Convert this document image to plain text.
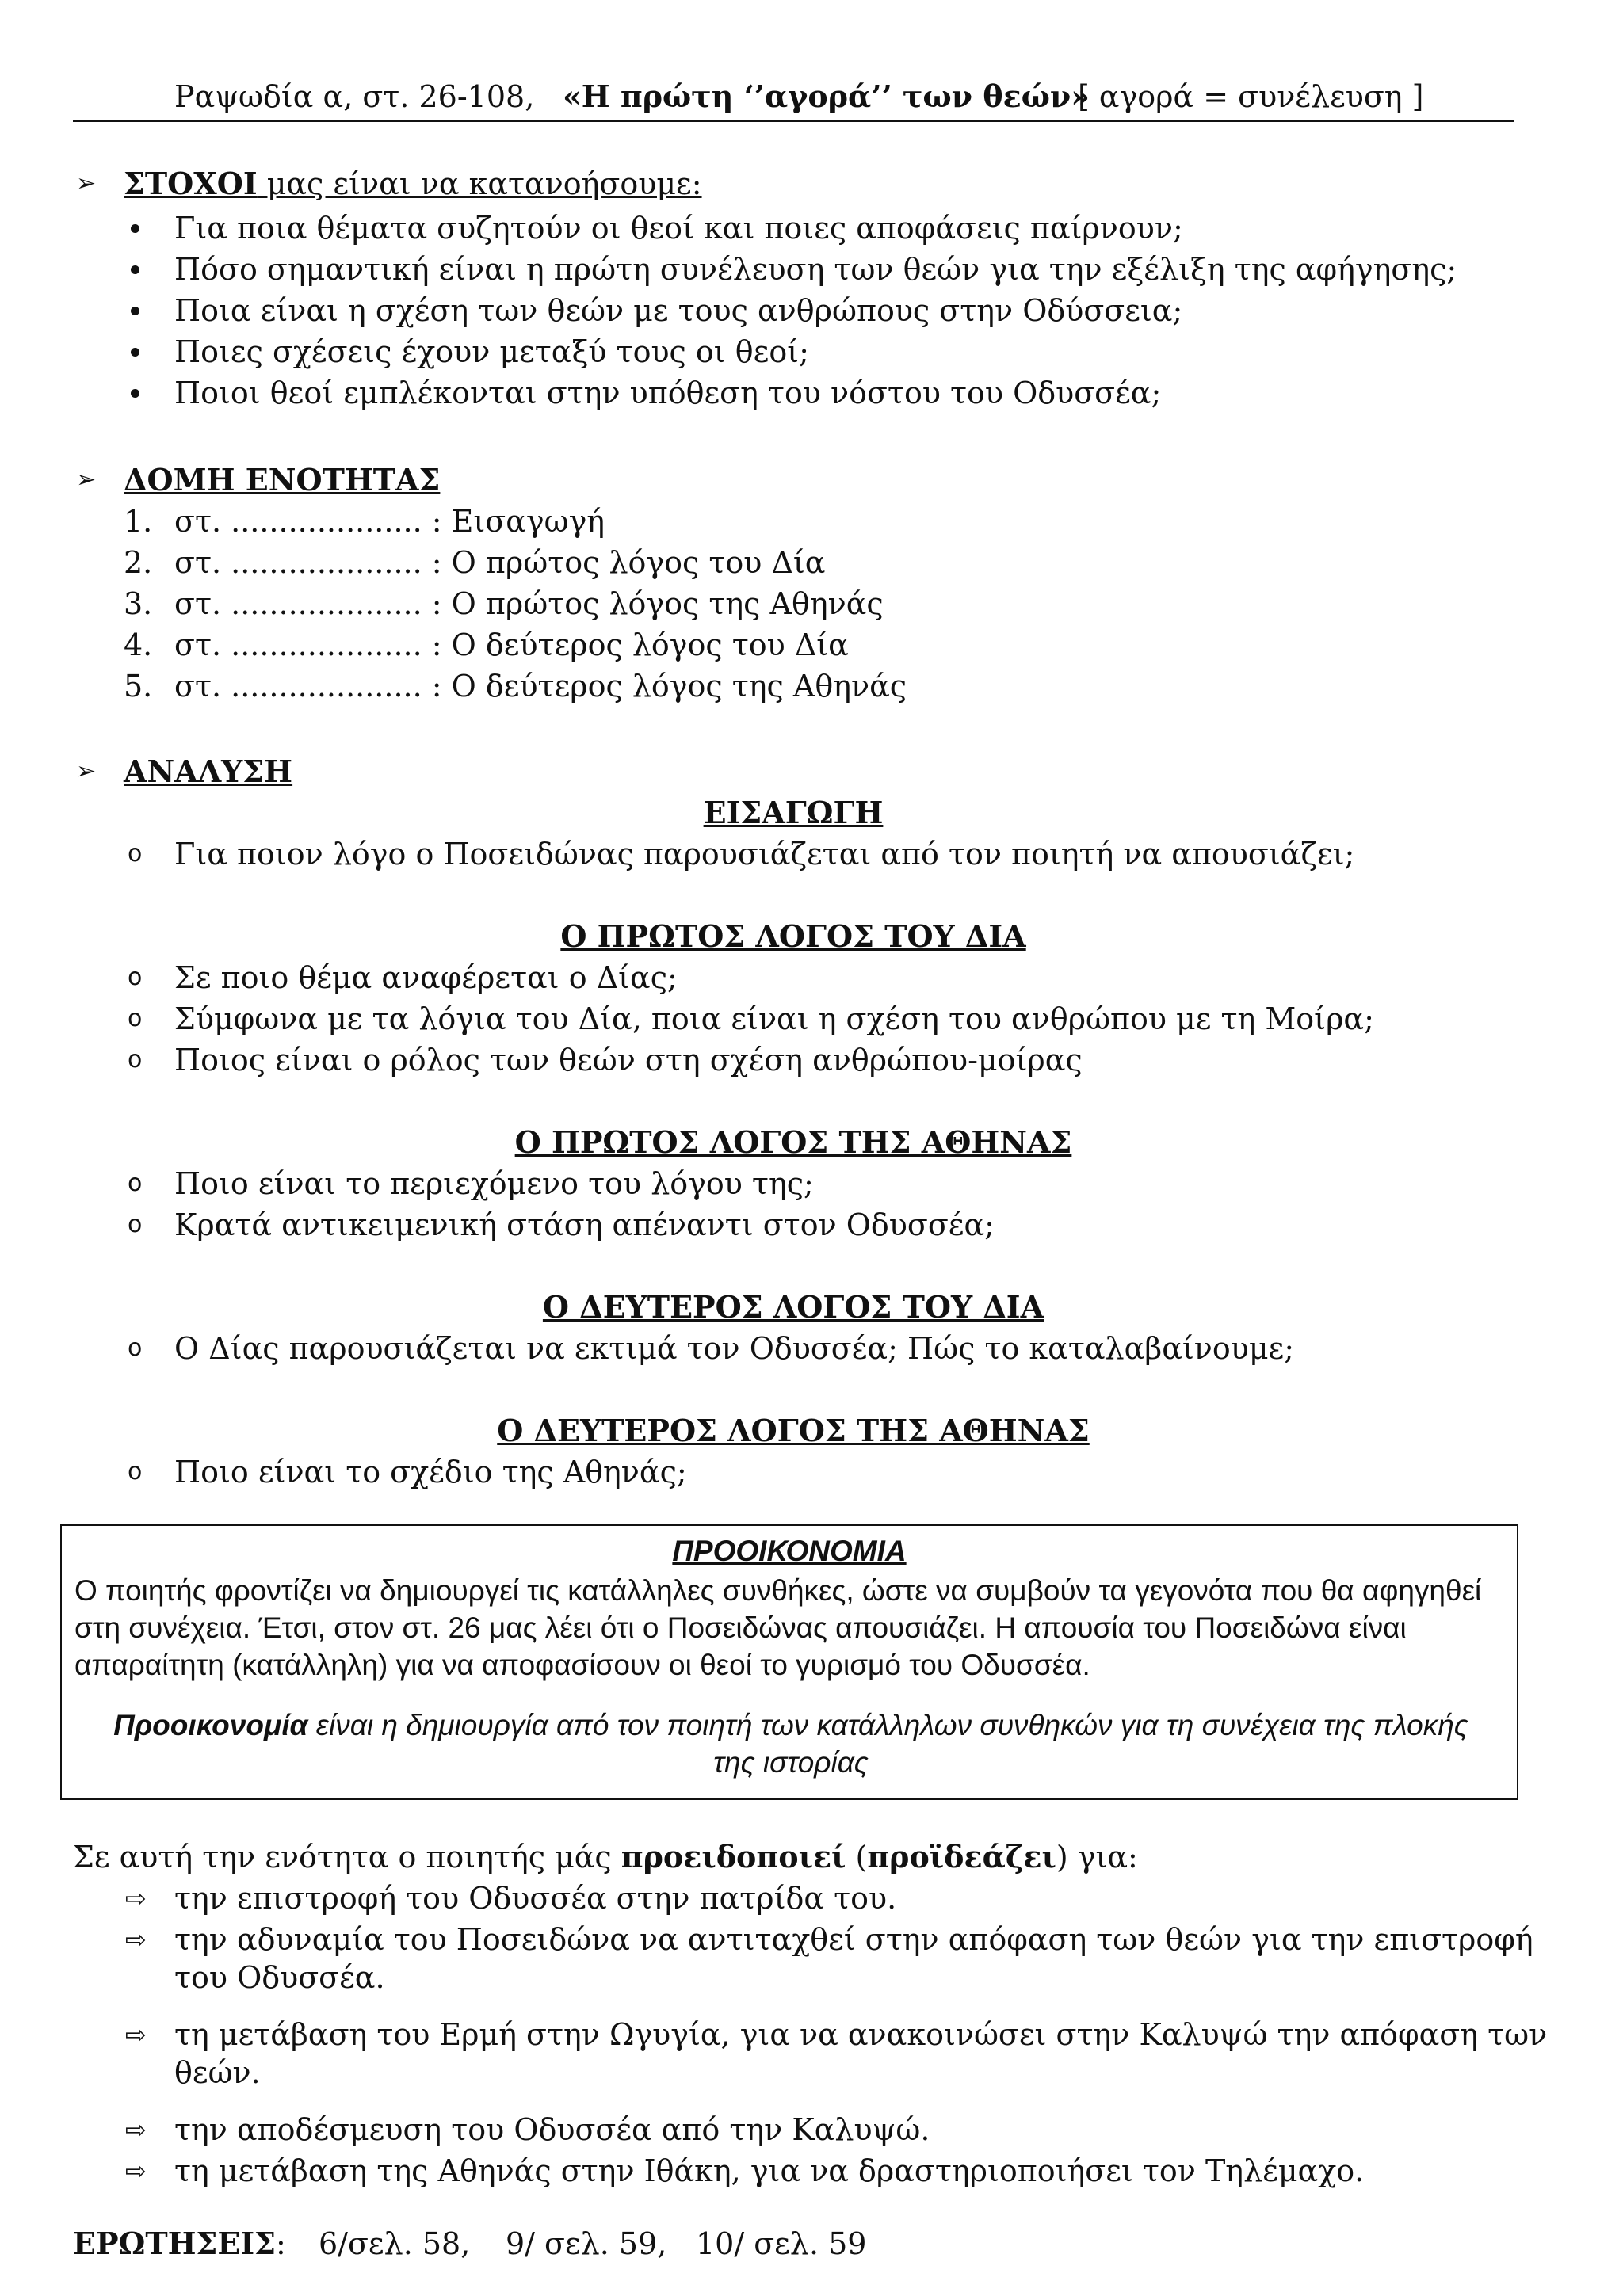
Ραψωδία α, στ. 26-108, «Η πρώτη ‘’αγορά’’ των θεών»
[ αγορά = συνέλευση ]
➢ ΣΤΟΧΟΙ μας είναι να κατανοήσουμε:
Για ποια θέματα συζητούν οι θεοί και ποιες αποφάσεις παίρνουν;
Πόσο σημαντική είναι η πρώτη συνέλευση των θεών για την εξέλιξη της αφήγησης;
Ποια είναι η σχέση των θεών με τους ανθρώπους στην Οδύσσεια;
Ποιες σχέσεις έχουν μεταξύ τους οι θεοί;
Ποιοι θεοί εμπλέκονται στην υπόθεση του νόστου του Οδυσσέα;
➢ ΔΟΜΗ ΕΝΟΤΗΤΑΣ
1. στ. .................... : Εισαγωγή
2. στ. .................... : Ο πρώτος λόγος του Δία
3. στ. .................... : Ο πρώτος λόγος της Αθηνάς
4. στ. .................... : Ο δεύτερος λόγος του Δία
5. στ. .................... : Ο δεύτερος λόγος της Αθηνάς
➢ ΑΝΑΛΥΣΗ
ΕΙΣΑΓΩΓΗ
o Για ποιον λόγο ο Ποσειδώνας παρουσιάζεται από τον ποιητή να απουσιάζει;
Ο ΠΡΩΤΟΣ ΛΟΓΟΣ ΤΟΥ ΔΙΑ
o Σε ποιο θέμα αναφέρεται ο Δίας;
o Σύμφωνα με τα λόγια του Δία, ποια είναι η σχέση του ανθρώπου με τη Μοίρα;
o Ποιος είναι ο ρόλος των θεών στη σχέση ανθρώπου-μοίρας
Ο ΠΡΩΤΟΣ ΛΟΓΟΣ ΤΗΣ ΑΘΗΝΑΣ
o Ποιο είναι το περιεχόμενο του λόγου της;
o Κρατά αντικειμενική στάση απέναντι στον Οδυσσέα;
Ο ΔΕΥΤΕΡΟΣ ΛΟΓΟΣ ΤΟΥ ΔΙΑ
o Ο Δίας παρουσιάζεται να εκτιμά τον Οδυσσέα; Πώς το καταλαβαίνουμε;
Ο ΔΕΥΤΕΡΟΣ ΛΟΓΟΣ ΤΗΣ ΑΘΗΝΑΣ
o Ποιο είναι το σχέδιο της Αθηνάς;
ΠΡΟΟΙΚΟΝΟΜΙΑ
Ο ποιητής φροντίζει να δημιουργεί τις κατάλληλες συνθήκες, ώστε να συμβούν τα γεγονότα που θα αφηγηθεί στη συνέχεια. Έτσι, στον στ. 26 μας λέει ότι ο Ποσειδώνας απουσιάζει. Η απουσία του Ποσειδώνα είναι απαραίτητη (κατάλληλη) για να αποφασίσουν οι θεοί το γυρισμό του Οδυσσέα.
Προοικονομία είναι η δημιουργία από τον ποιητή των κατάλληλων συνθηκών για τη συνέχεια της πλοκής της ιστορίας
Σε αυτή την ενότητα ο ποιητής μάς προειδοποιεί (προϊδεάζει) για:
⇨ την επιστροφή του Οδυσσέα στην πατρίδα του.
⇨ την αδυναμία του Ποσειδώνα να αντιταχθεί στην απόφαση των θεών για την επιστροφή
του Οδυσσέα.
⇨ τη μετάβαση του Ερμή στην Ωγυγία, για να ανακοινώσει στην Καλυψώ την απόφαση των
θεών.
⇨ την αποδέσμευση του Οδυσσέα από την Καλυψώ.
⇨ τη μετάβαση της Αθηνάς στην Ιθάκη, για να δραστηριοποιήσει τον Τηλέμαχο.
ΕΡΩΤΗΣΕΙΣ: 6/σελ. 58, 9/ σελ. 59, 10/ σελ. 59
